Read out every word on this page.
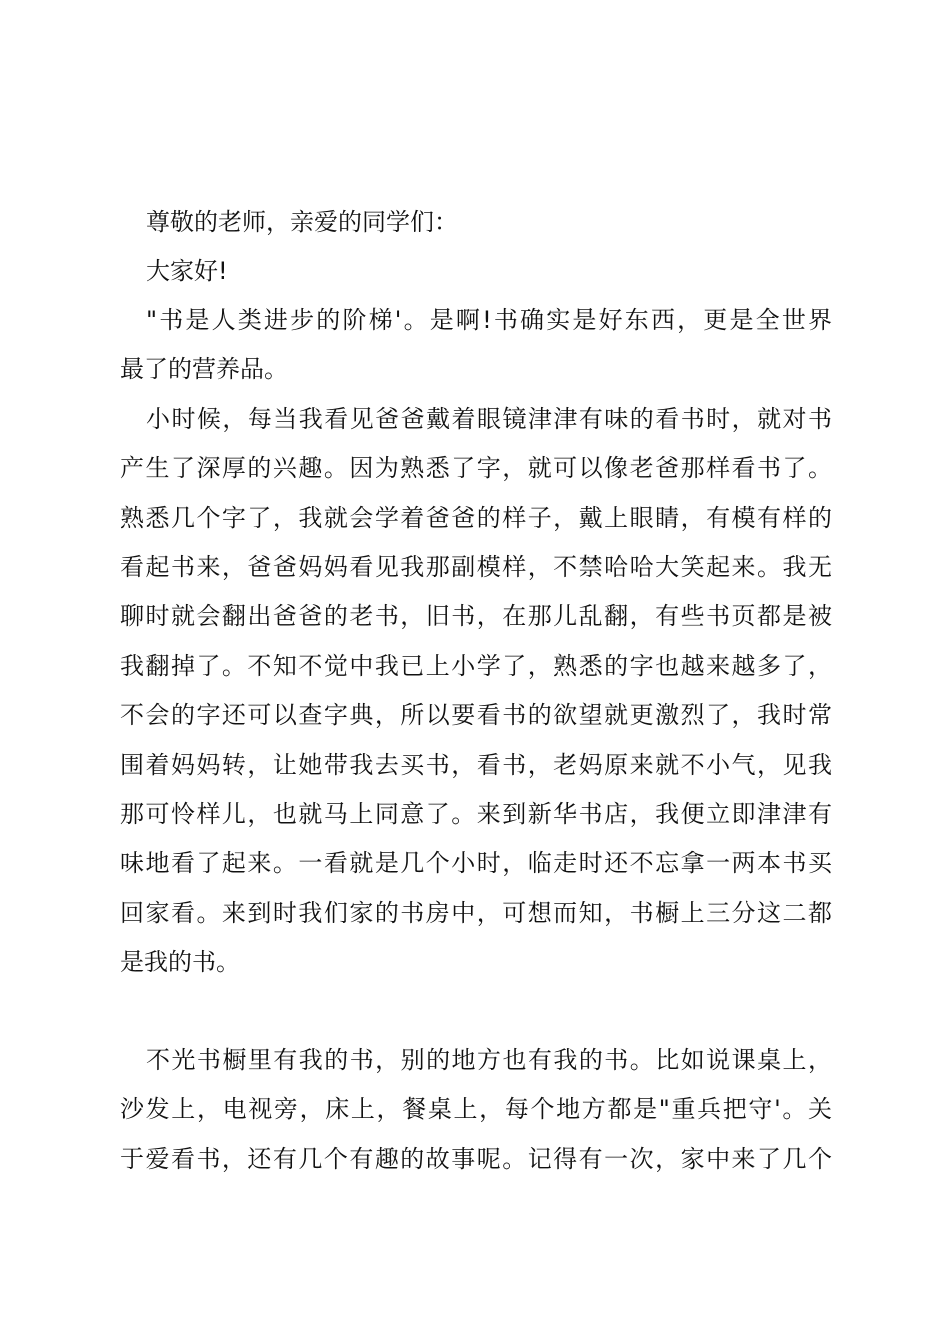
尊敬的老师，亲爱的同学们：
大家好!
"书是人类进步的阶梯'。是啊!书确实是好东西，更是全世界
最了的营养品。
小时候，每当我看见爸爸戴着眼镜津津有味的看书时，就对书
产生了深厚的兴趣。因为熟悉了字，就可以像老爸那样看书了。
熟悉几个字了，我就会学着爸爸的样子，戴上眼睛，有模有样的
看起书来，爸爸妈妈看见我那副模样，不禁哈哈大笑起来。我无
聊时就会翻出爸爸的老书，旧书，在那儿乱翻，有些书页都是被
我翻掉了。不知不觉中我已上小学了，熟悉的字也越来越多了，
不会的字还可以查字典，所以要看书的欲望就更激烈了，我时常
围着妈妈转，让她带我去买书，看书，老妈原来就不小气，见我
那可怜样儿，也就马上同意了。来到新华书店，我便立即津津有
味地看了起来。一看就是几个小时，临走时还不忘拿一两本书买
回家看。来到时我们家的书房中，可想而知，书橱上三分这二都
是我的书。
不光书橱里有我的书，别的地方也有我的书。比如说课桌上，
沙发上，电视旁，床上，餐桌上，每个地方都是"重兵把守'。关
于爱看书，还有几个有趣的故事呢。记得有一次，家中来了几个
